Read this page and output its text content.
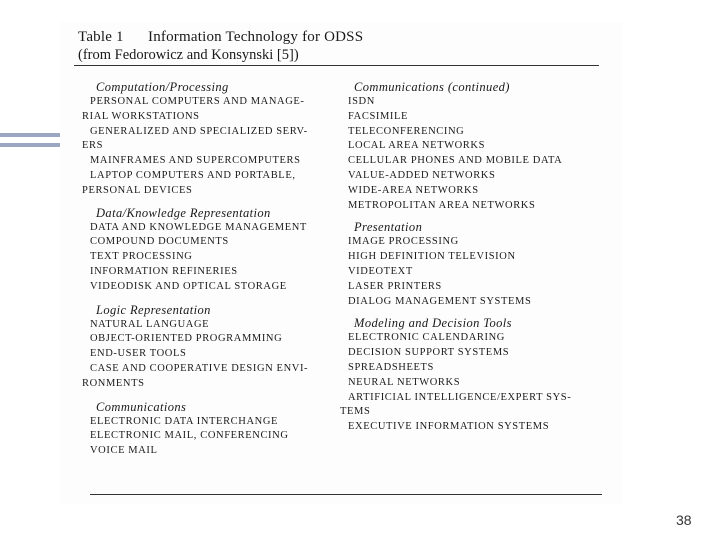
Table 1 Information Technology for ODSS
(from Fedorowicz and Konsynski [5])
Computation/Processing
PERSONAL COMPUTERS AND MANAGE-
RIAL WORKSTATIONS
GENERALIZED AND SPECIALIZED SERV-
ERS
MAINFRAMES AND SUPERCOMPUTERS
LAPTOP COMPUTERS AND PORTABLE,
PERSONAL DEVICES
Data/Knowledge Representation
DATA AND KNOWLEDGE MANAGEMENT
COMPOUND DOCUMENTS
TEXT PROCESSING
INFORMATION REFINERIES
VIDEODISK AND OPTICAL STORAGE
Logic Representation
NATURAL LANGUAGE
OBJECT-ORIENTED PROGRAMMING
END-USER TOOLS
CASE AND COOPERATIVE DESIGN ENVI-
RONMENTS
Communications
ELECTRONIC DATA INTERCHANGE
ELECTRONIC MAIL, CONFERENCING
VOICE MAIL
Communications (continued)
ISDN
FACSIMILE
TELECONFERENCING
LOCAL AREA NETWORKS
CELLULAR PHONES AND MOBILE DATA
VALUE-ADDED NETWORKS
WIDE-AREA NETWORKS
METROPOLITAN AREA NETWORKS
Presentation
IMAGE PROCESSING
HIGH DEFINITION TELEVISION
VIDEOTEXT
LASER PRINTERS
DIALOG MANAGEMENT SYSTEMS
Modeling and Decision Tools
ELECTRONIC CALENDARING
DECISION SUPPORT SYSTEMS
SPREADSHEETS
NEURAL NETWORKS
ARTIFICIAL INTELLIGENCE/EXPERT SYS-
TEMS
EXECUTIVE INFORMATION SYSTEMS
38
